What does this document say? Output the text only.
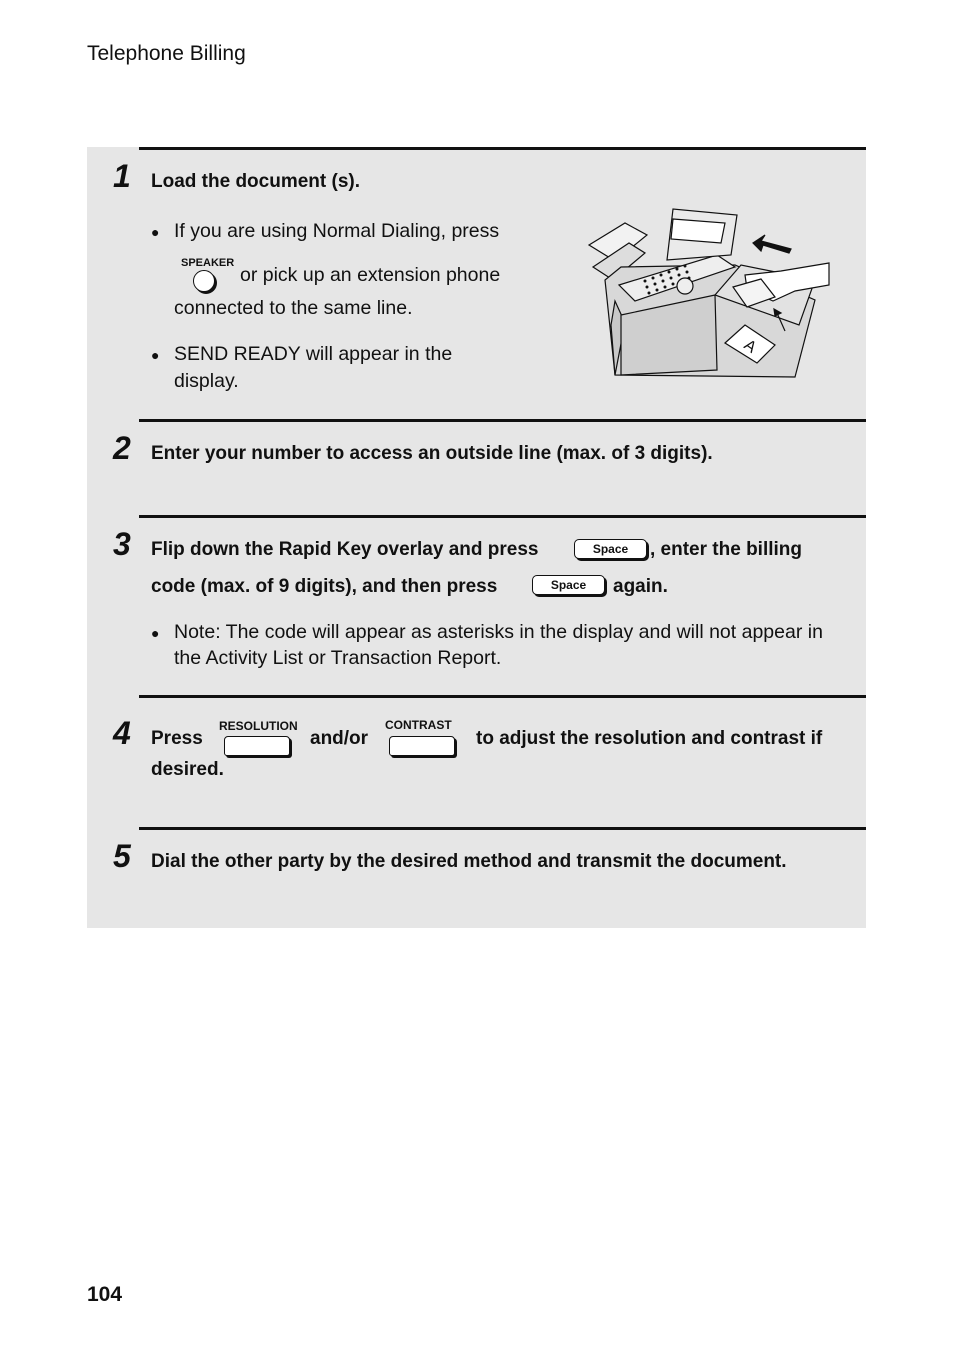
Telephone Billing
1 Load the document (s).
● If you are using Normal Dialing, press
SPEAKER
or pick up an extension phone
connected to the same line.
● SEND READY will appear in the
display.
A
2 Enter your number to access an outside line (max. of 3 digits).
3 Flip down the Rapid Key overlay and press	Space	, enter the billing
code (max. of 9 digits), and then press	Space	again.
● Note: The code will appear as asterisks in the display and will not appear in
the Activity List or Transaction Report.
4 Press
RESOLUTION
and/or
CONTRAST
to adjust the resolution and contrast if
desired.
5 Dial the other party by the desired method and transmit the document.
104
